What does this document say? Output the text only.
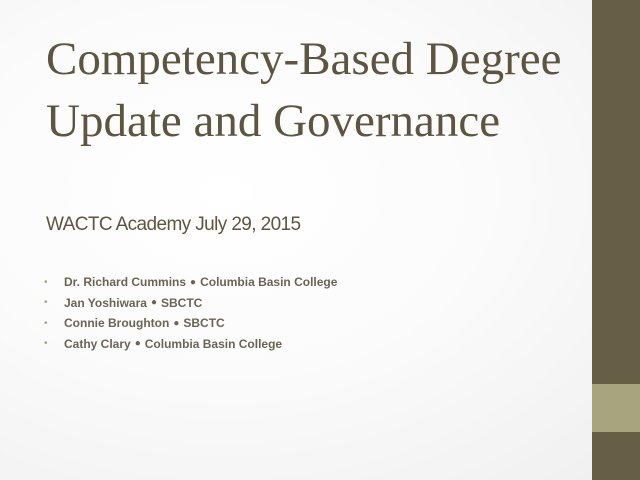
Competency-Based Degree Update and Governance
WACTC Academy July 29, 2015
•	Dr. Richard Cummins ● Columbia Basin College
•	Jan Yoshiwara ● SBCTC
•	Connie Broughton ● SBCTC
•	Cathy Clary ● Columbia Basin College
